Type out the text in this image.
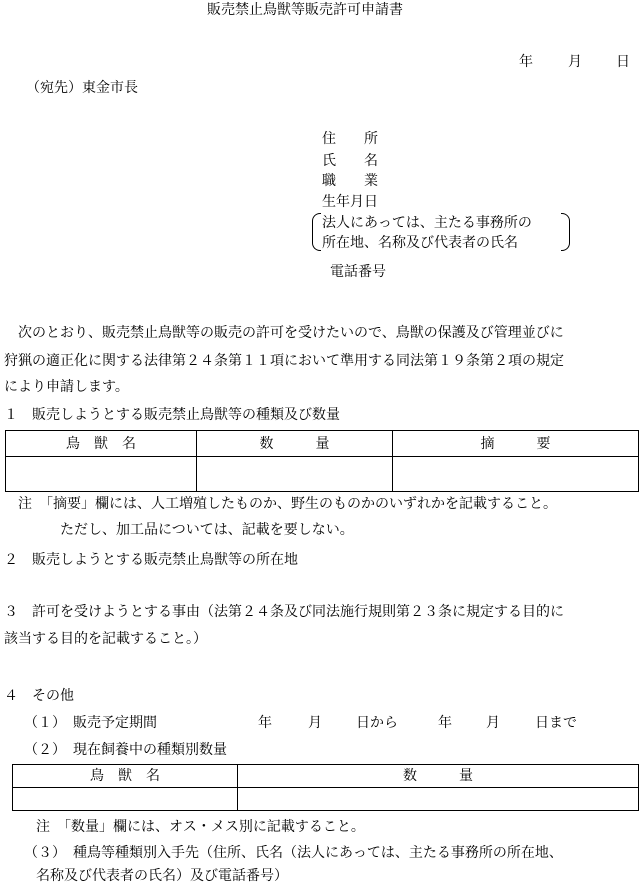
販売禁止鳥獣等販売許可申請書
年	月 日
（宛先）東金市長
住　　所
氏　　名
職　　業
生年月日
法人にあっては、主たる事務所の
所在地、名称及び代表者の氏名
電話番号
　次のとおり、販売禁止鳥獣等の販売の許可を受けたいので、鳥獣の保護及び管理並びに
狩猟の適正化に関する法律第２４条第１１項において準用する同法第１９条第２項の規定
により申請します。
１　販売しようとする販売禁止鳥獣等の種類及び数量
鳥　獣　名	数　　　量	摘　　　要

注　「摘要」欄には、人工増殖したものか、野生のものかのいずれかを記載すること。
ただし、加工品については、記載を要しない。
２　販売しようとする販売禁止鳥獣等の所在地
３　許可を受けようとする事由（法第２４条及び同法施行規則第２３条に規定する目的に
該当する目的を記載すること。）
４　その他
（１）　販売予定期間	年	月 日から	年 月	日まで
（２）　現在飼養中の種類別数量
鳥　獣　名	数　　　量

注　「数量」欄には、オス・メス別に記載すること。
（３）　種鳥等種類別入手先（住所、氏名（法人にあっては、主たる事務所の所在地、
名称及び代表者の氏名）及び電話番号）
